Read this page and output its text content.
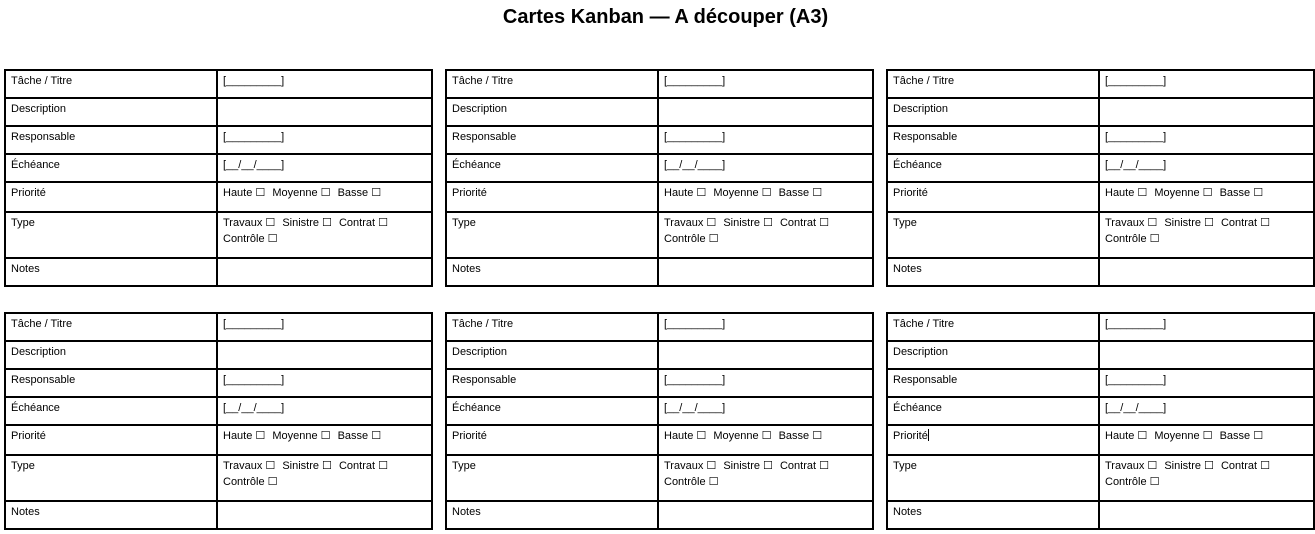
Cartes Kanban — A découper (A3)
Tâche / Titre	[_________]
Description	
Responsable	[_________]
Échéance	[__/__/____]
Priorité	Haute ☐ Moyenne ☐ Basse ☐
Type	Travaux ☐ Sinistre ☐ Contrat ☐
Contrôle ☐

Notes	
Tâche / Titre	[_________]
Description	
Responsable	[_________]
Échéance	[__/__/____]
Priorité	Haute ☐ Moyenne ☐ Basse ☐
Type	Travaux ☐ Sinistre ☐ Contrat ☐
Contrôle ☐

Notes	
Tâche / Titre	[_________]
Description	
Responsable	[_________]
Échéance	[__/__/____]
Priorité	Haute ☐ Moyenne ☐ Basse ☐
Type	Travaux ☐ Sinistre ☐ Contrat ☐
Contrôle ☐

Notes	
Tâche / Titre	[_________]
Description	
Responsable	[_________]
Échéance	[__/__/____]
Priorité	Haute ☐ Moyenne ☐ Basse ☐
Type	Travaux ☐ Sinistre ☐ Contrat ☐
Contrôle ☐

Notes	
Tâche / Titre	[_________]
Description	
Responsable	[_________]
Échéance	[__/__/____]
Priorité	Haute ☐ Moyenne ☐ Basse ☐
Type	Travaux ☐ Sinistre ☐ Contrat ☐
Contrôle ☐

Notes	
Tâche / Titre	[_________]
Description	
Responsable	[_________]
Échéance	[__/__/____]
Priorité	Haute ☐ Moyenne ☐ Basse ☐
Type	Travaux ☐ Sinistre ☐ Contrat ☐
Contrôle ☐

Notes	
